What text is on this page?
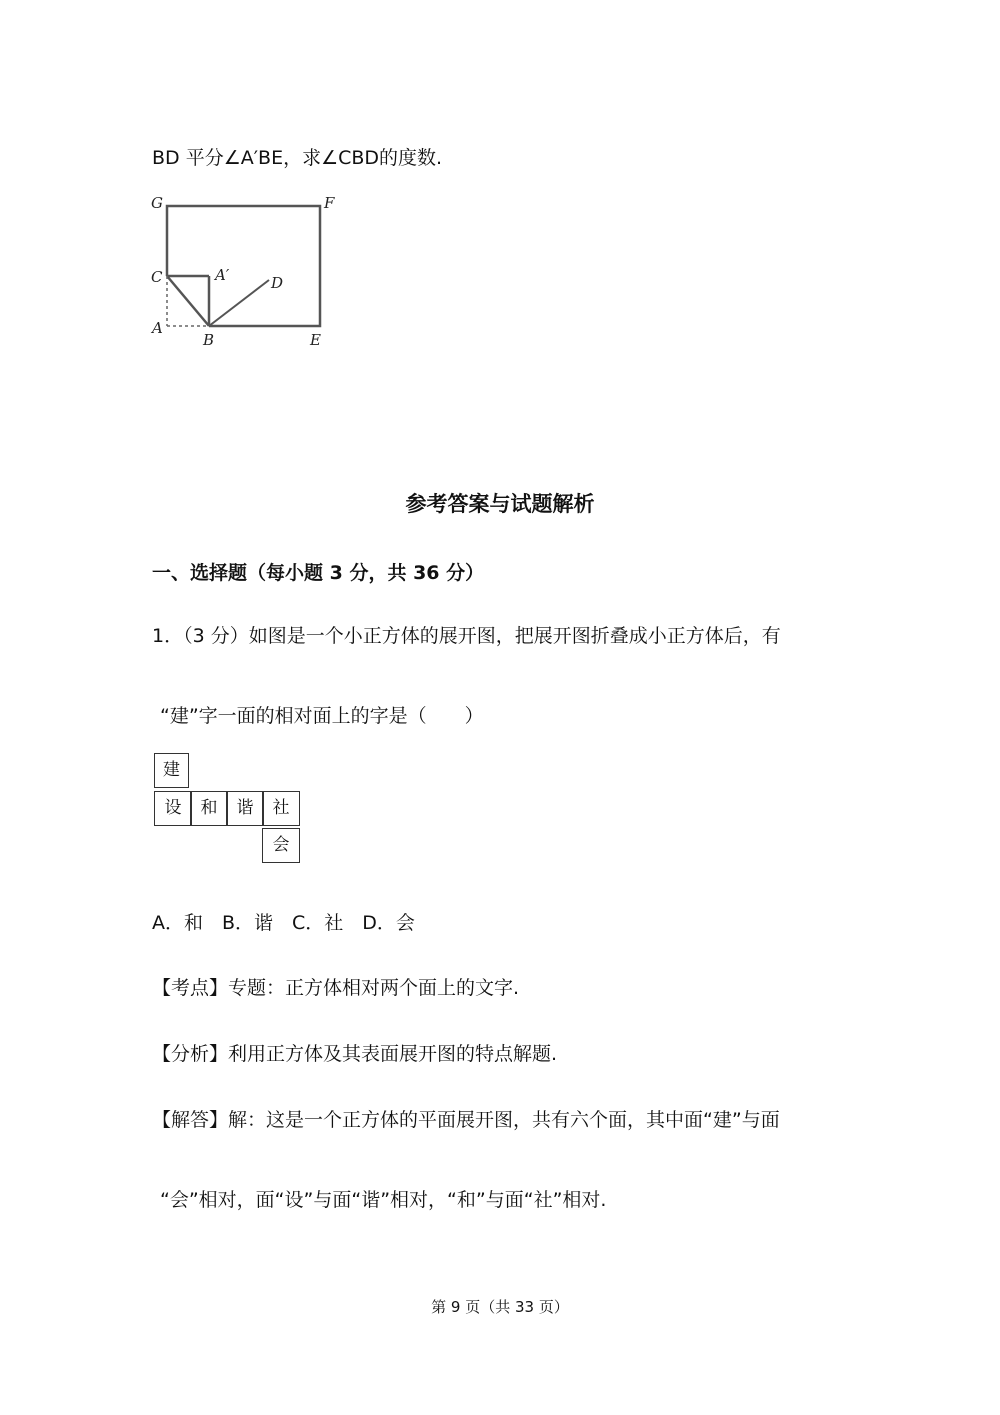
BD 平分∠A′BE，求∠CBD的度数.
G	F
C	A′	D
A
B	E
参考答案与试题解析
一、选择题（每小题 3 分，共 36 分）
1．（3 分）如图是一个小正方体的展开图，把展开图折叠成小正方体后，有
“建”字一面的相对面上的字是（　　）
建
设	和	谐	社
会
A．和　B．谐　C．社　D．会
【考点】专题：正方体相对两个面上的文字.
【分析】利用正方体及其表面展开图的特点解题.
【解答】解：这是一个正方体的平面展开图，共有六个面，其中面“建”与面
“会”相对，面“设”与面“谐”相对，“和”与面“社”相对.
第 9 页（共 33 页）
